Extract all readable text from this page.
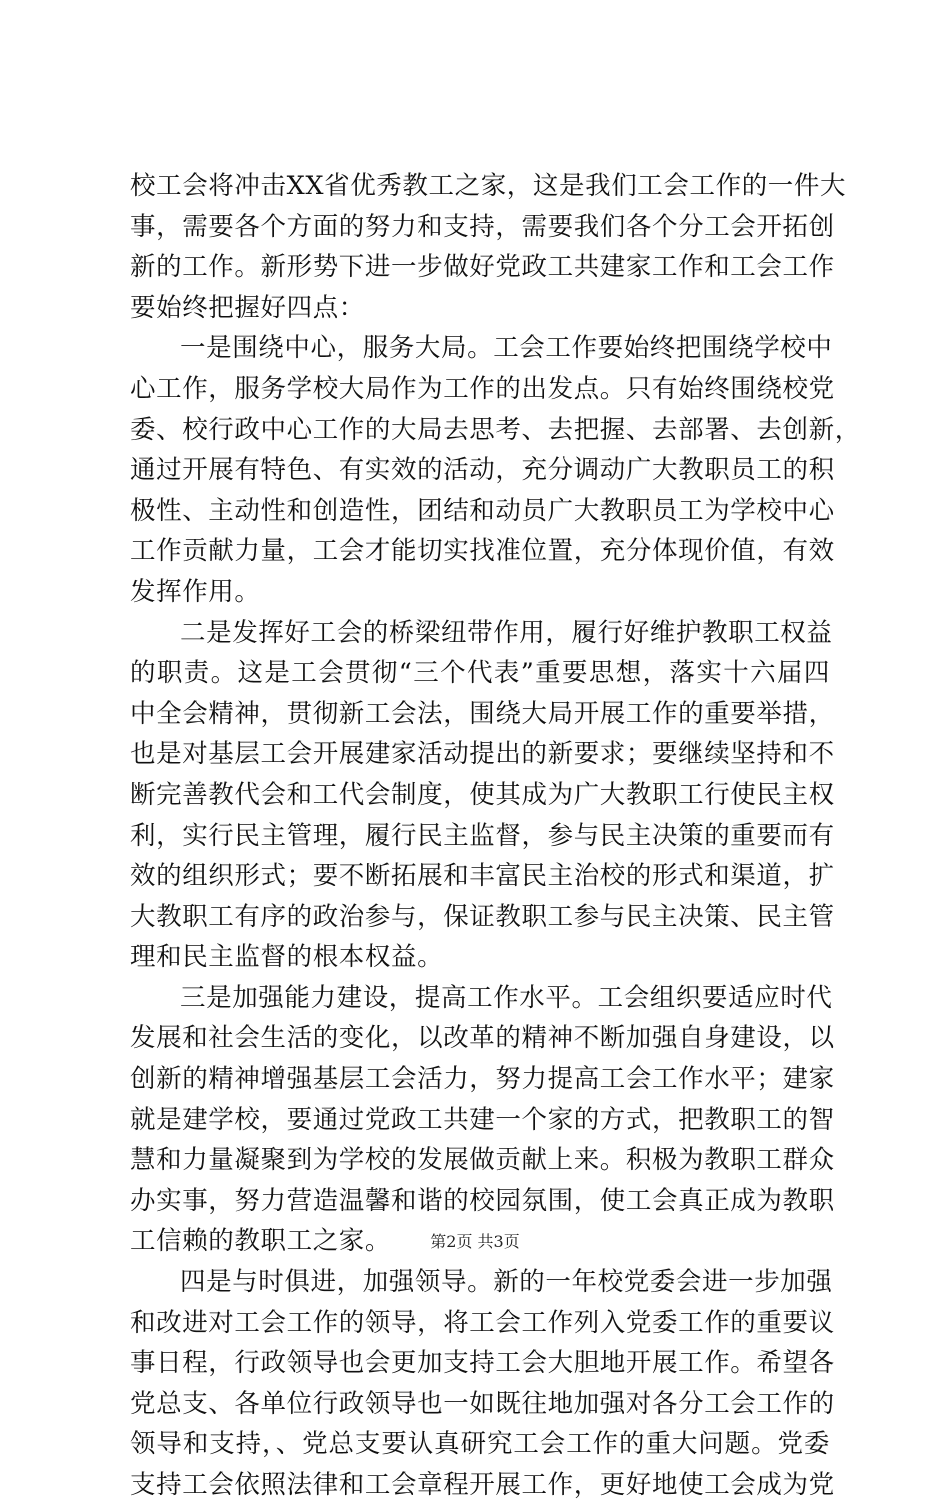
校工会将冲击XX省优秀教工之家，这是我们工会工作的一件大
事，需要各个方面的努力和支持，需要我们各个分工会开拓创
新的工作。新形势下进一步做好党政工共建家工作和工会工作
要始终把握好四点：
一是围绕中心，服务大局。工会工作要始终把围绕学校中
心工作，服务学校大局作为工作的出发点。只有始终围绕校党
委、校行政中心工作的大局去思考、去把握、去部署、去创新，
通过开展有特色、有实效的活动，充分调动广大教职员工的积
极性、主动性和创造性，团结和动员广大教职员工为学校中心
工作贡献力量，工会才能切实找准位置，充分体现价值，有效
发挥作用。
二是发挥好工会的桥梁纽带作用，履行好维护教职工权益
的职责。这是工会贯彻“三个代表”重要思想，落实十六届四
中全会精神，贯彻新工会法，围绕大局开展工作的重要举措，
也是对基层工会开展建家活动提出的新要求；要继续坚持和不
断完善教代会和工代会制度，使其成为广大教职工行使民主权
利，实行民主管理，履行民主监督，参与民主决策的重要而有
效的组织形式；要不断拓展和丰富民主治校的形式和渠道，扩
大教职工有序的政治参与，保证教职工参与民主决策、民主管
理和民主监督的根本权益。
三是加强能力建设，提高工作水平。工会组织要适应时代
发展和社会生活的变化，以改革的精神不断加强自身建设，以
创新的精神增强基层工会活力，努力提高工会工作水平；建家
就是建学校，要通过党政工共建一个家的方式，把教职工的智
慧和力量凝聚到为学校的发展做贡献上来。积极为教职工群众
办实事，努力营造温馨和谐的校园氛围，使工会真正成为教职
工信赖的教职工之家。
四是与时俱进，加强领导。新的一年校党委会进一步加强
和改进对工会工作的领导，将工会工作列入党委工作的重要议
事日程，行政领导也会更加支持工会大胆地开展工作。希望各
党总支、各单位行政领导也一如既往地加强对各分工会工作的
领导和支持，、党总支要认真研究工会工作的重大问题。党委
支持工会依照法律和工会章程开展工作，更好地使工会成为党
第2页 共3页
